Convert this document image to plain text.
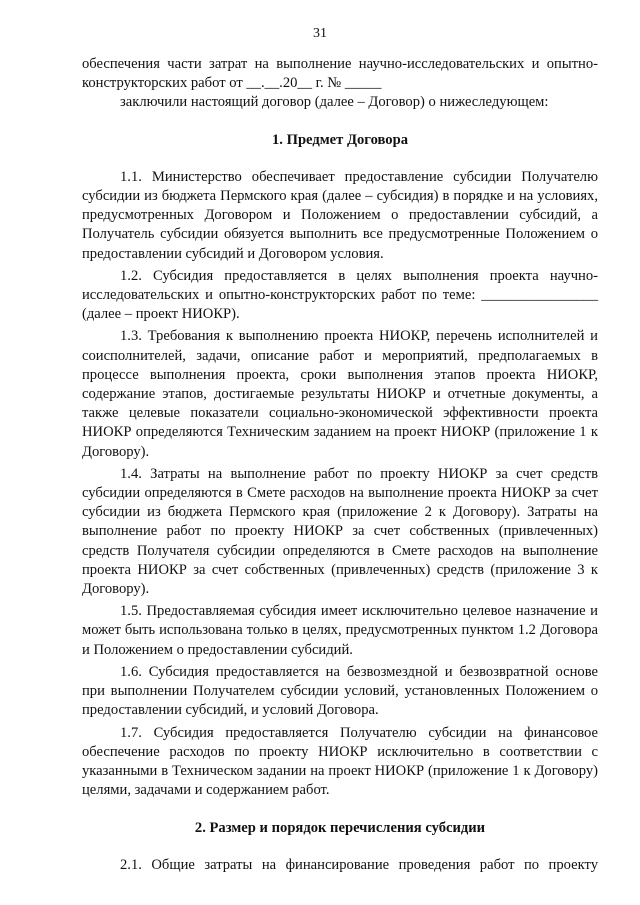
31

обеспечения части затрат на выполнение научно-исследовательских и опытно-конструкторских работ от __.__.20__ г. № _____

заключили настоящий договор (далее – Договор) о нижеследующем:

1. Предмет Договора

1.1. Министерство обеспечивает предоставление субсидии Получателю субсидии из бюджета Пермского края (далее – субсидия) в порядке и на условиях, предусмотренных Договором и Положением о предоставлении субсидий, а Получатель субсидии обязуется выполнить все предусмотренные Положением о предоставлении субсидий и Договором условия.

1.2. Субсидия предоставляется в целях выполнения проекта научно-исследовательских и опытно-конструкторских работ по теме: ________________ (далее – проект НИОКР).

1.3. Требования к выполнению проекта НИОКР, перечень исполнителей и соисполнителей, задачи, описание работ и мероприятий, предполагаемых в процессе выполнения проекта, сроки выполнения этапов проекта НИОКР, содержание этапов, достигаемые результаты НИОКР и отчетные документы, а также целевые показатели социально-экономической эффективности проекта НИОКР определяются Техническим заданием на проект НИОКР (приложение 1 к Договору).

1.4. Затраты на выполнение работ по проекту НИОКР за счет средств субсидии определяются в Смете расходов на выполнение проекта НИОКР за счет субсидии из бюджета Пермского края (приложение 2 к Договору). Затраты на выполнение работ по проекту НИОКР за счет собственных (привлеченных) средств Получателя субсидии определяются в Смете расходов на выполнение проекта НИОКР за счет собственных (привлеченных) средств (приложение 3 к Договору).

1.5. Предоставляемая субсидия имеет исключительно целевое назначение и может быть использована только в целях, предусмотренных пунктом 1.2 Договора и Положением о предоставлении субсидий.

1.6. Субсидия предоставляется на безвозмездной и безвозвратной основе при выполнении Получателем субсидии условий, установленных Положением о предоставлении субсидий, и условий Договора.

1.7. Субсидия предоставляется Получателю субсидии на финансовое обеспечение расходов по проекту НИОКР исключительно в соответствии с указанными в Техническом задании на проект НИОКР (приложение 1 к Договору) целями, задачами и содержанием работ.

2. Размер и порядок перечисления субсидии

2.1. Общие затраты на финансирование проведения работ по проекту
